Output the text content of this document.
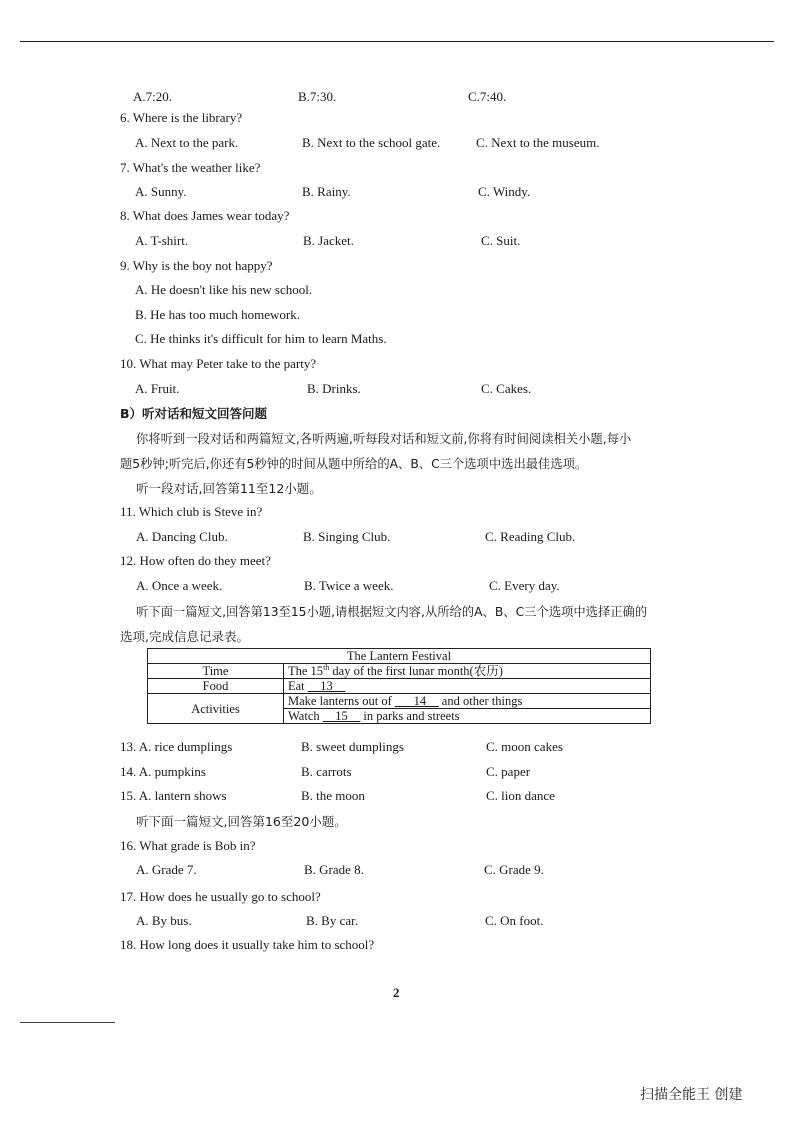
A.7:20.	B.7:30.	C.7:40.
6. Where is the library?
A. Next to the park.	B. Next to the school gate.	C. Next to the museum.
7. What's the weather like?
A. Sunny.	B. Rainy.	C. Windy.
8. What does James wear today?
A. T-shirt.	B. Jacket.	C. Suit.
9. Why is the boy not happy?
A. He doesn't like his new school.
B. He has too much homework.
C. He thinks it's difficult for him to learn Maths.
10. What may Peter take to the party?
A. Fruit.	B. Drinks.	C. Cakes.
B）听对话和短文回答问题
你将听到一段对话和两篇短文,各听两遍,听每段对话和短文前,你将有时间阅读相关小题,每小
题5秒钟;听完后,你还有5秒钟的时间从题中所给的A、B、C三个选项中选出最佳选项。
听一段对话,回答第11至12小题。
11. Which club is Steve in?
A. Dancing Club.	B. Singing Club.	C. Reading Club.
12. How often do they meet?
A. Once a week.	B. Twice a week.	C. Every day.
听下面一篇短文,回答第13至15小题,请根据短文内容,从所给的A、B、C三个选项中选择正确的
选项,完成信息记录表。
The Lantern Festival	
Time	The 15th day of the first lunar month(农历)
Food	Eat __13__
Activities	Make lanterns out of ___14__ and other things
	Watch __15__ in parks and streets
13. A. rice dumplings	B. sweet dumplings	C. moon cakes
14. A. pumpkins	B. carrots	C. paper
15. A. lantern shows	B. the moon	C. lion dance
听下面一篇短文,回答第16至20小题。
16. What grade is Bob in?
A. Grade 7.	B. Grade 8.	C. Grade 9.
17. How does he usually go to school?
A. By bus.	B. By car.	C. On foot.
18. How long does it usually take him to school?
2
扫描全能王 创建
